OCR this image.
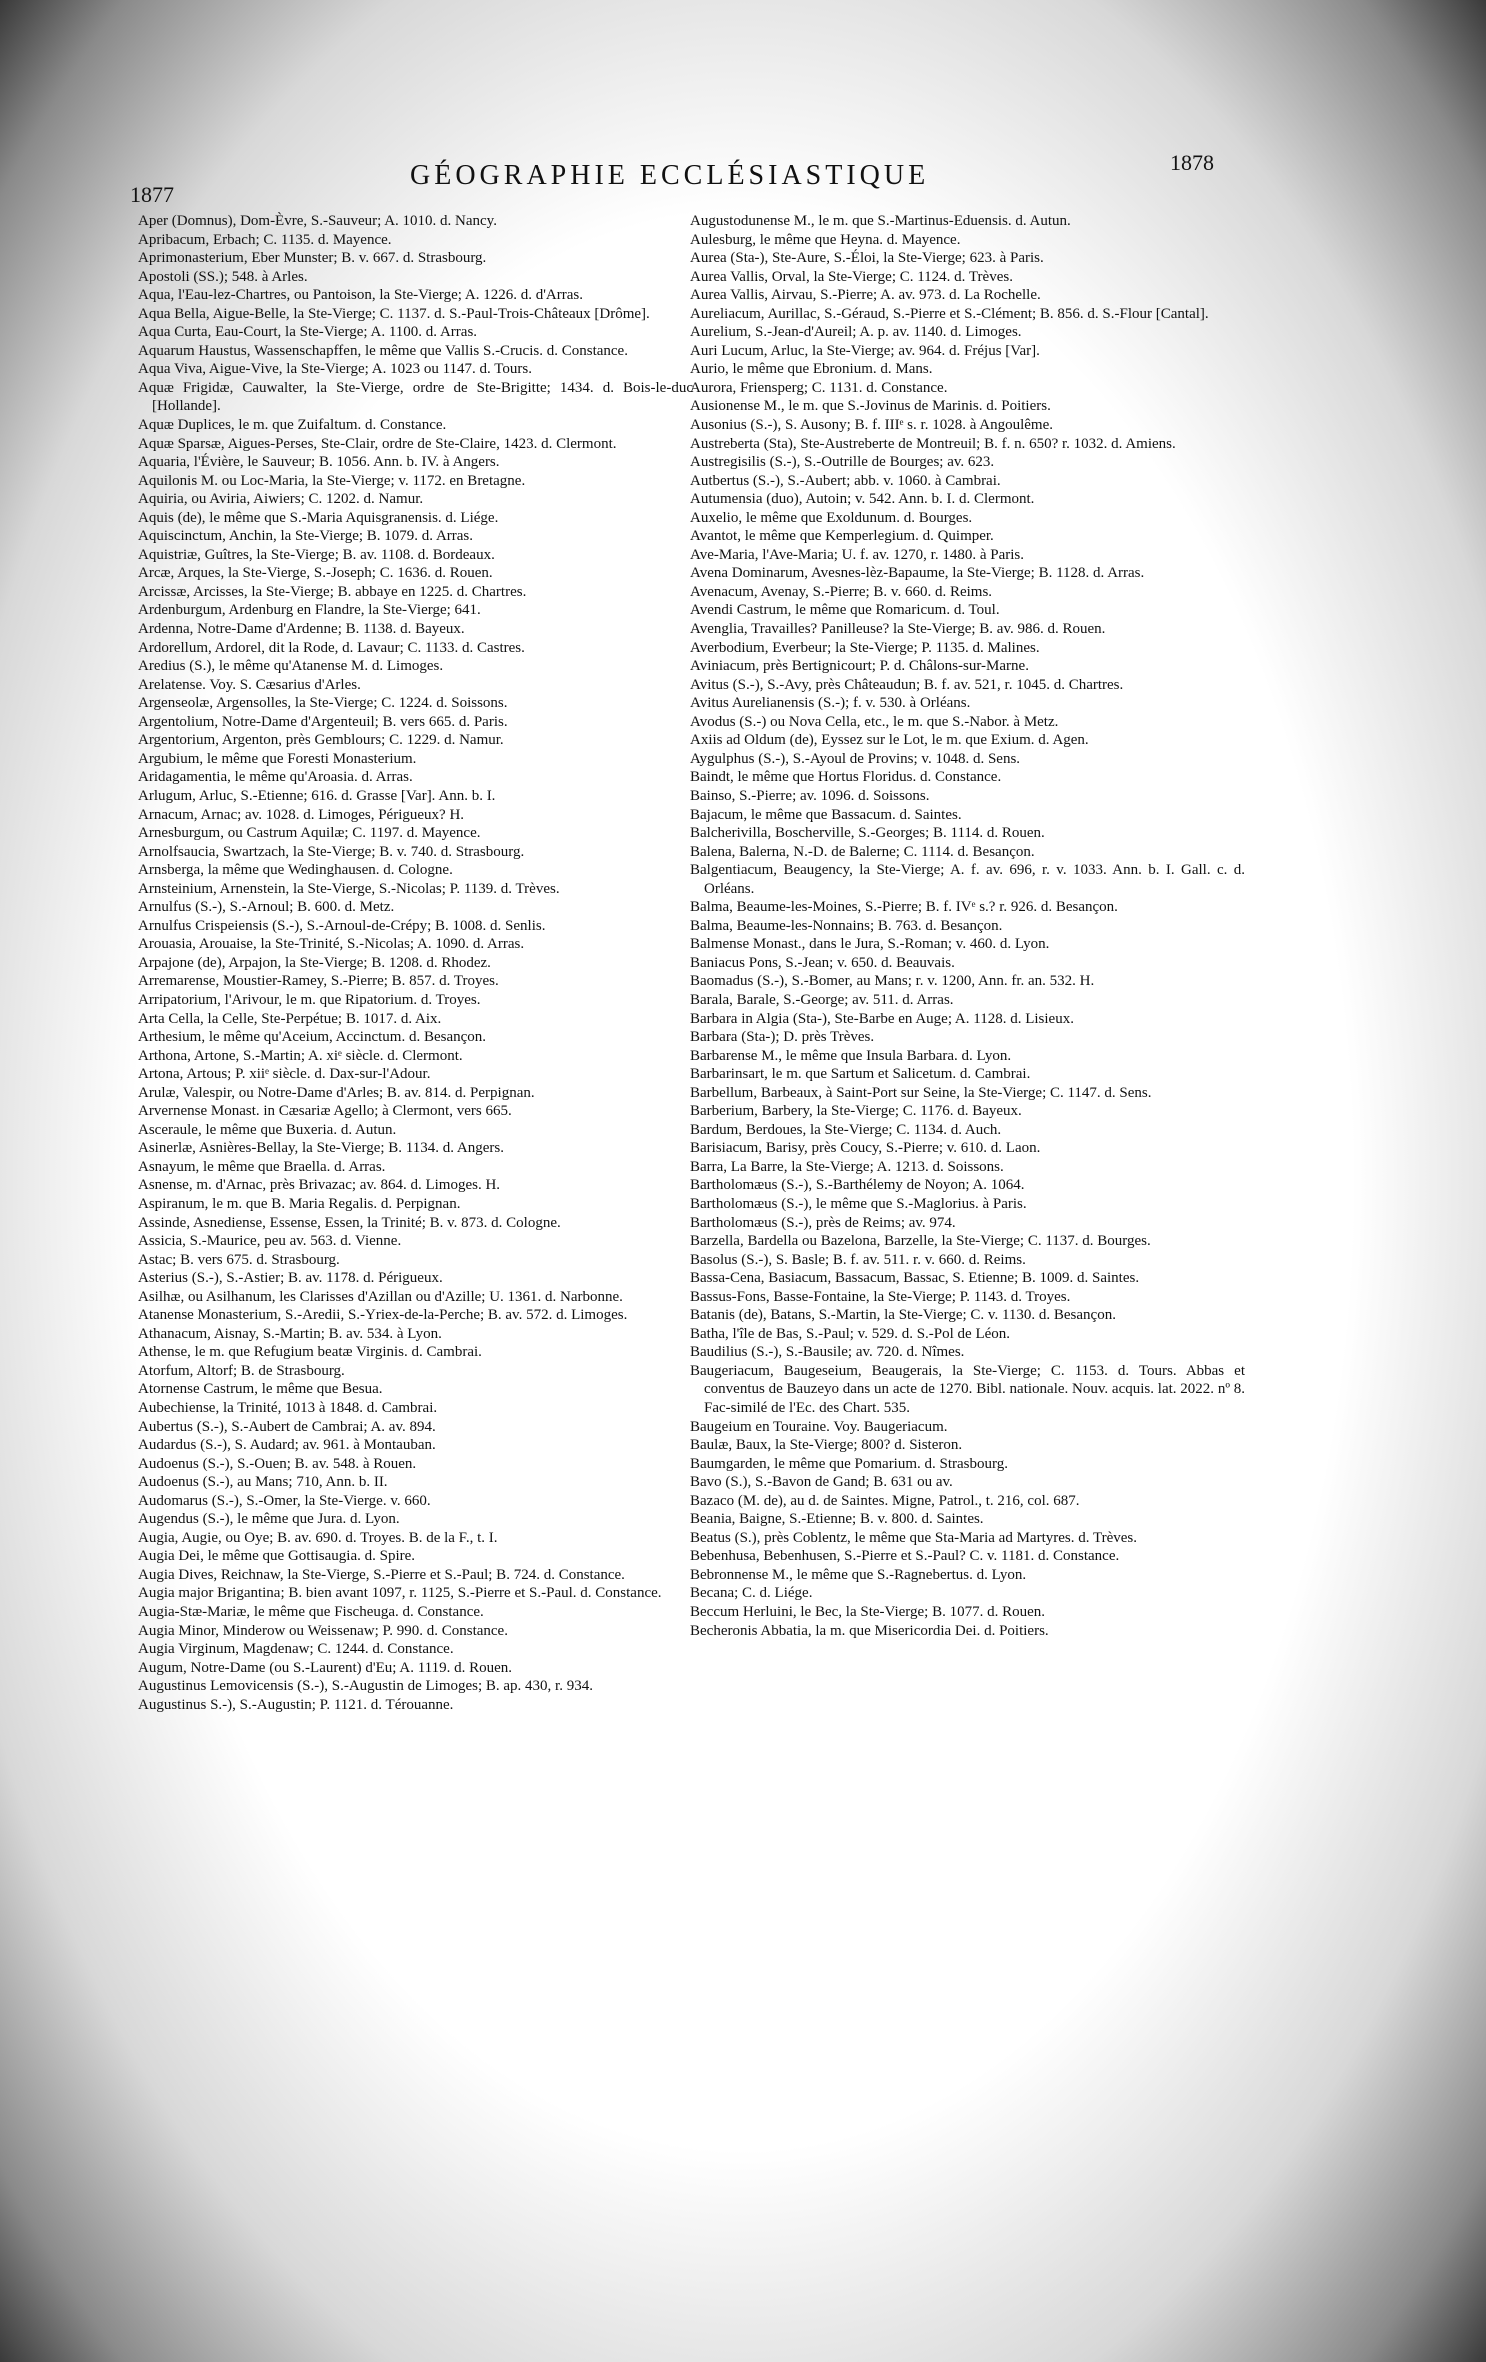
1877
GÉOGRAPHIE ECCLÉSIASTIQUE	1878

Aper (Domnus), Dom-Èvre, S.-Sauveur; A. 1010. d. Nancy.

Apribacum, Erbach; C. 1135. d. Mayence.

Aprimonasterium, Eber Munster; B. v. 667. d. Strasbourg.

Apostoli (SS.); 548. à Arles.

Aqua, l'Eau-lez-Chartres, ou Pantoison, la Ste-Vierge; A. 1226. d. d'Arras.

Aqua Bella, Aigue-Belle, la Ste-Vierge; C. 1137. d. S.-Paul-Trois-Châteaux [Drôme].

Aqua Curta, Eau-Court, la Ste-Vierge; A. 1100. d. Arras.

Aquarum Haustus, Wassenschapffen, le même que Vallis S.-Crucis. d. Constance.

Aqua Viva, Aigue-Vive, la Ste-Vierge; A. 1023 ou 1147. d. Tours.

Aquæ Frigidæ, Cauwalter, la Ste-Vierge, ordre de Ste-Brigitte; 1434. d. Bois-le-duc [Hollande].

Aquæ Duplices, le m. que Zuifaltum. d. Constance.

Aquæ Sparsæ, Aigues-Perses, Ste-Clair, ordre de Ste-Claire, 1423. d. Clermont.

Aquaria, l'Évière, le Sauveur; B. 1056. Ann. b. IV. à Angers.

Aquilonis M. ou Loc-Maria, la Ste-Vierge; v. 1172. en Bretagne.

Aquiria, ou Aviria, Aiwiers; C. 1202. d. Namur.

Aquis (de), le même que S.-Maria Aquisgranensis. d. Liége.

Aquiscinctum, Anchin, la Ste-Vierge; B. 1079. d. Arras.

Aquistriæ, Guîtres, la Ste-Vierge; B. av. 1108. d. Bordeaux.

Arcæ, Arques, la Ste-Vierge, S.-Joseph; C. 1636. d. Rouen.

Arcissæ, Arcisses, la Ste-Vierge; B. abbaye en 1225. d. Chartres.

Ardenburgum, Ardenburg en Flandre, la Ste-Vierge; 641.

Ardenna, Notre-Dame d'Ardenne; B. 1138. d. Bayeux.

Ardorellum, Ardorel, dit la Rode, d. Lavaur; C. 1133. d. Castres.

Aredius (S.), le même qu'Atanense M. d. Limoges.

Arelatense. Voy. S. Cæsarius d'Arles.

Argenseolæ, Argensolles, la Ste-Vierge; C. 1224. d. Soissons.

Argentolium, Notre-Dame d'Argenteuil; B. vers 665. d. Paris.

Argentorium, Argenton, près Gemblours; C. 1229. d. Namur.

Argubium, le même que Foresti Monasterium.

Aridagamentia, le même qu'Aroasia. d. Arras.

Arlugum, Arluc, S.-Etienne; 616. d. Grasse [Var]. Ann. b. I.

Arnacum, Arnac; av. 1028. d. Limoges, Périgueux? H.

Arnesburgum, ou Castrum Aquilæ; C. 1197. d. Mayence.

Arnolfsaucia, Swartzach, la Ste-Vierge; B. v. 740. d. Strasbourg.

Arnsberga, la même que Wedinghausen. d. Cologne.

Arnsteinium, Arnenstein, la Ste-Vierge, S.-Nicolas; P. 1139. d. Trèves.

Arnulfus (S.-), S.-Arnoul; B. 600. d. Metz.

Arnulfus Crispeiensis (S.-), S.-Arnoul-de-Crépy; B. 1008. d. Senlis.

Arouasia, Arouaise, la Ste-Trinité, S.-Nicolas; A. 1090. d. Arras.

Arpajone (de), Arpajon, la Ste-Vierge; B. 1208. d. Rhodez.

Arremarense, Moustier-Ramey, S.-Pierre; B. 857. d. Troyes.

Arripatorium, l'Arivour, le m. que Ripatorium. d. Troyes.

Arta Cella, la Celle, Ste-Perpétue; B. 1017. d. Aix.

Arthesium, le même qu'Aceium, Accinctum. d. Besançon.

Arthona, Artone, S.-Martin; A. xiᵉ siècle. d. Clermont.

Artona, Artous; P. xiiᵉ siècle. d. Dax-sur-l'Adour.

Arulæ, Valespir, ou Notre-Dame d'Arles; B. av. 814. d. Perpignan.

Arvernense Monast. in Cæsariæ Agello; à Clermont, vers 665.

Asceraule, le même que Buxeria. d. Autun.

Asinerlæ, Asnières-Bellay, la Ste-Vierge; B. 1134. d. Angers.

Asnayum, le même que Braella. d. Arras.

Asnense, m. d'Arnac, près Brivazac; av. 864. d. Limoges. H.

Aspiranum, le m. que B. Maria Regalis. d. Perpignan.

Assinde, Asnediense, Essense, Essen, la Trinité; B. v. 873. d. Cologne.

Assicia, S.-Maurice, peu av. 563. d. Vienne.

Astac; B. vers 675. d. Strasbourg.

Asterius (S.-), S.-Astier; B. av. 1178. d. Périgueux.

Asilhæ, ou Asilhanum, les Clarisses d'Azillan ou d'Azille; U. 1361. d. Narbonne.

Atanense Monasterium, S.-Aredii, S.-Yriex-de-la-Perche; B. av. 572. d. Limoges.

Athanacum, Aisnay, S.-Martin; B. av. 534. à Lyon.

Athense, le m. que Refugium beatæ Virginis. d. Cambrai.

Atorfum, Altorf; B. de Strasbourg.

Atornense Castrum, le même que Besua.

Aubechiense, la Trinité, 1013 à 1848. d. Cambrai.

Aubertus (S.-), S.-Aubert de Cambrai; A. av. 894.

Audardus (S.-), S. Audard; av. 961. à Montauban.

Audoenus (S.-), S.-Ouen; B. av. 548. à Rouen.

Audoenus (S.-), au Mans; 710, Ann. b. II.

Audomarus (S.-), S.-Omer, la Ste-Vierge. v. 660.

Augendus (S.-), le même que Jura. d. Lyon.

Augia, Augie, ou Oye; B. av. 690. d. Troyes. B. de la F., t. I.

Augia Dei, le même que Gottisaugia. d. Spire.

Augia Dives, Reichnaw, la Ste-Vierge, S.-Pierre et S.-Paul; B. 724. d. Constance.

Augia major Brigantina; B. bien avant 1097, r. 1125, S.-Pierre et S.-Paul. d. Constance.

Augia-Stæ-Mariæ, le même que Fischeuga. d. Constance.

Augia Minor, Minderow ou Weissenaw; P. 990. d. Constance.

Augia Virginum, Magdenaw; C. 1244. d. Constance.

Augum, Notre-Dame (ou S.-Laurent) d'Eu; A. 1119. d. Rouen.

Augustinus Lemovicensis (S.-), S.-Augustin de Limoges; B. ap. 430, r. 934.

Augustinus S.-), S.-Augustin; P. 1121. d. Térouanne.

Augustodunense M., le m. que S.-Martinus-Eduensis. d. Autun.

Aulesburg, le même que Heyna. d. Mayence.

Aurea (Sta-), Ste-Aure, S.-Éloi, la Ste-Vierge; 623. à Paris.

Aurea Vallis, Orval, la Ste-Vierge; C. 1124. d. Trèves.

Aurea Vallis, Airvau, S.-Pierre; A. av. 973. d. La Rochelle.

Aureliacum, Aurillac, S.-Géraud, S.-Pierre et S.-Clément; B. 856. d. S.-Flour [Cantal].

Aurelium, S.-Jean-d'Aureil; A. p. av. 1140. d. Limoges.

Auri Lucum, Arluc, la Ste-Vierge; av. 964. d. Fréjus [Var].

Aurio, le même que Ebronium. d. Mans.

Aurora, Friensperg; C. 1131. d. Constance.

Ausionense M., le m. que S.-Jovinus de Marinis. d. Poitiers.

Ausonius (S.-), S. Ausony; B. f. IIIᵉ s. r. 1028. à Angoulême.

Austreberta (Sta), Ste-Austreberte de Montreuil; B. f. n. 650? r. 1032. d. Amiens.

Austregisilis (S.-), S.-Outrille de Bourges; av. 623.

Autbertus (S.-), S.-Aubert; abb. v. 1060. à Cambrai.

Autumensia (duo), Autoin; v. 542. Ann. b. I. d. Clermont.

Auxelio, le même que Exoldunum. d. Bourges.

Avantot, le même que Kemperlegium. d. Quimper.

Ave-Maria, l'Ave-Maria; U. f. av. 1270, r. 1480. à Paris.

Avena Dominarum, Avesnes-lèz-Bapaume, la Ste-Vierge; B. 1128. d. Arras.

Avenacum, Avenay, S.-Pierre; B. v. 660. d. Reims.

Avendi Castrum, le même que Romaricum. d. Toul.

Avenglia, Travailles? Panilleuse? la Ste-Vierge; B. av. 986. d. Rouen.

Averbodium, Everbeur; la Ste-Vierge; P. 1135. d. Malines.

Aviniacum, près Bertignicourt; P. d. Châlons-sur-Marne.

Avitus (S.-), S.-Avy, près Châteaudun; B. f. av. 521, r. 1045. d. Chartres.

Avitus Aurelianensis (S.-); f. v. 530. à Orléans.

Avodus (S.-) ou Nova Cella, etc., le m. que S.-Nabor. à Metz.

Axiis ad Oldum (de), Eyssez sur le Lot, le m. que Exium. d. Agen.

Aygulphus (S.-), S.-Ayoul de Provins; v. 1048. d. Sens.

Baindt, le même que Hortus Floridus. d. Constance.

Bainso, S.-Pierre; av. 1096. d. Soissons.

Bajacum, le même que Bassacum. d. Saintes.

Balcherivilla, Boscherville, S.-Georges; B. 1114. d. Rouen.

Balena, Balerna, N.-D. de Balerne; C. 1114. d. Besançon.

Balgentiacum, Beaugency, la Ste-Vierge; A. f. av. 696, r. v. 1033. Ann. b. I. Gall. c. d. Orléans.

Balma, Beaume-les-Moines, S.-Pierre; B. f. IVᵉ s.? r. 926. d. Besançon.

Balma, Beaume-les-Nonnains; B. 763. d. Besançon.

Balmense Monast., dans le Jura, S.-Roman; v. 460. d. Lyon.

Baniacus Pons, S.-Jean; v. 650. d. Beauvais.

Baomadus (S.-), S.-Bomer, au Mans; r. v. 1200, Ann. fr. an. 532. H.

Barala, Barale, S.-George; av. 511. d. Arras.

Barbara in Algia (Sta-), Ste-Barbe en Auge; A. 1128. d. Lisieux.

Barbara (Sta-); D. près Trèves.

Barbarense M., le même que Insula Barbara. d. Lyon.

Barbarinsart, le m. que Sartum et Salicetum. d. Cambrai.

Barbellum, Barbeaux, à Saint-Port sur Seine, la Ste-Vierge; C. 1147. d. Sens.

Barberium, Barbery, la Ste-Vierge; C. 1176. d. Bayeux.

Bardum, Berdoues, la Ste-Vierge; C. 1134. d. Auch.

Barisiacum, Barisy, près Coucy, S.-Pierre; v. 610. d. Laon.

Barra, La Barre, la Ste-Vierge; A. 1213. d. Soissons.

Bartholomæus (S.-), S.-Barthélemy de Noyon; A. 1064.

Bartholomæus (S.-), le même que S.-Maglorius. à Paris.

Bartholomæus (S.-), près de Reims; av. 974.

Barzella, Bardella ou Bazelona, Barzelle, la Ste-Vierge; C. 1137. d. Bourges.

Basolus (S.-), S. Basle; B. f. av. 511. r. v. 660. d. Reims.

Bassa-Cena, Basiacum, Bassacum, Bassac, S. Etienne; B. 1009. d. Saintes.

Bassus-Fons, Basse-Fontaine, la Ste-Vierge; P. 1143. d. Troyes.

Batanis (de), Batans, S.-Martin, la Ste-Vierge; C. v. 1130. d. Besançon.

Batha, l'île de Bas, S.-Paul; v. 529. d. S.-Pol de Léon.

Baudilius (S.-), S.-Bausile; av. 720. d. Nîmes.

Baugeriacum, Baugeseium, Beaugerais, la Ste-Vierge; C. 1153. d. Tours. Abbas et conventus de Bauzeyo dans un acte de 1270. Bibl. nationale. Nouv. acquis. lat. 2022. nº 8. Fac-similé de l'Ec. des Chart. 535.

Baugeium en Touraine. Voy. Baugeriacum.

Baulæ, Baux, la Ste-Vierge; 800? d. Sisteron.

Baumgarden, le même que Pomarium. d. Strasbourg.

Bavo (S.), S.-Bavon de Gand; B. 631 ou av.

Bazaco (M. de), au d. de Saintes. Migne, Patrol., t. 216, col. 687.

Beania, Baigne, S.-Etienne; B. v. 800. d. Saintes.

Beatus (S.), près Coblentz, le même que Sta-Maria ad Martyres. d. Trèves.

Bebenhusa, Bebenhusen, S.-Pierre et S.-Paul? C. v. 1181. d. Constance.

Bebronnense M., le même que S.-Ragnebertus. d. Lyon.

Becana; C. d. Liége.

Beccum Herluini, le Bec, la Ste-Vierge; B. 1077. d. Rouen.

Becheronis Abbatia, la m. que Misericordia Dei. d. Poitiers.
